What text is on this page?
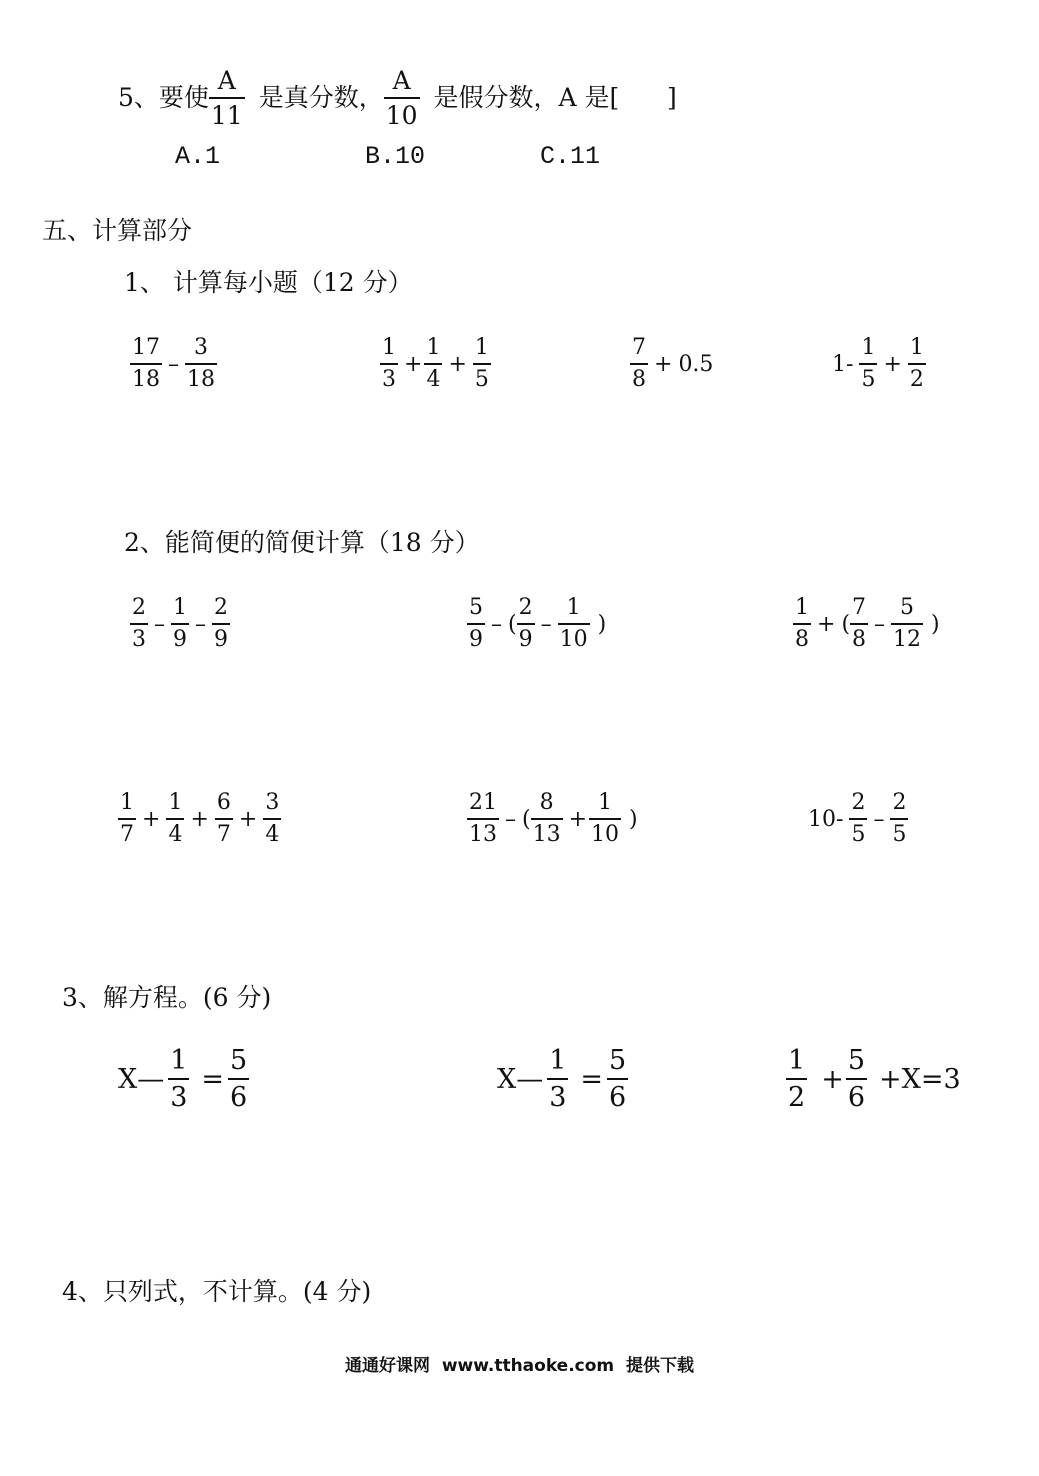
5、要使 $\frac{A}{11}$ 是真分数， $\frac{A}{10}$ 是假分数，A 是[      ]
A.1	B.10	C.11
五、计算部分
1、 计算每小题（12 分）
$\frac{17}{18} - \frac{3}{18}$	$\frac{1}{3} + \frac{1}{4} + \frac{1}{5}$	$\frac{7}{8} + 0.5$	$1- \frac{1}{5} + \frac{1}{2}$
2、能简便的简便计算（18 分）
$\frac{2}{3} - \frac{1}{9} - \frac{2}{9}$	$\frac{5}{9}$ – ( $\frac{2}{9} - \frac{1}{10}$ )	$\frac{1}{8}$ + ( $\frac{7}{8} - \frac{5}{12}$ )
$\frac{1}{7} + \frac{1}{4} + \frac{6}{7} + \frac{3}{4}$	$\frac{21}{13}$ – ( $\frac{8}{13} + \frac{1}{10}$ )	$10- \frac{2}{5} - \frac{2}{5}$
3、解方程。(6 分)
X— $\frac{1}{3} = \frac{5}{6}$	X— $\frac{1}{3} = \frac{5}{6}$	$\frac{1}{2} + \frac{5}{6} +X=3$
4、只列式，不计算。(4 分)
通通好课网  www.tthaoke.com  提供下载
